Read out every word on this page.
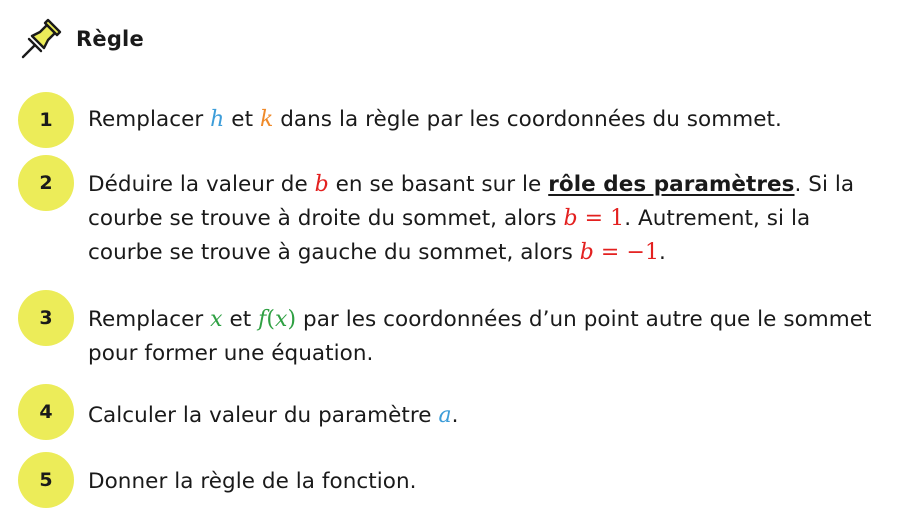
Règle
1	Remplacer h et k dans la règle par les coordonnées du sommet.
2	Déduire la valeur de b en se basant sur le rôle des paramètres. Si la courbe se trouve à droite du sommet, alors b = 1. Autrement, si la courbe se trouve à gauche du sommet, alors b = −1.
3	Remplacer x et f(x) par les coordonnées d’un point autre que le sommet pour former une équation.
4	Calculer la valeur du paramètre a.
5	Donner la règle de la fonction.
